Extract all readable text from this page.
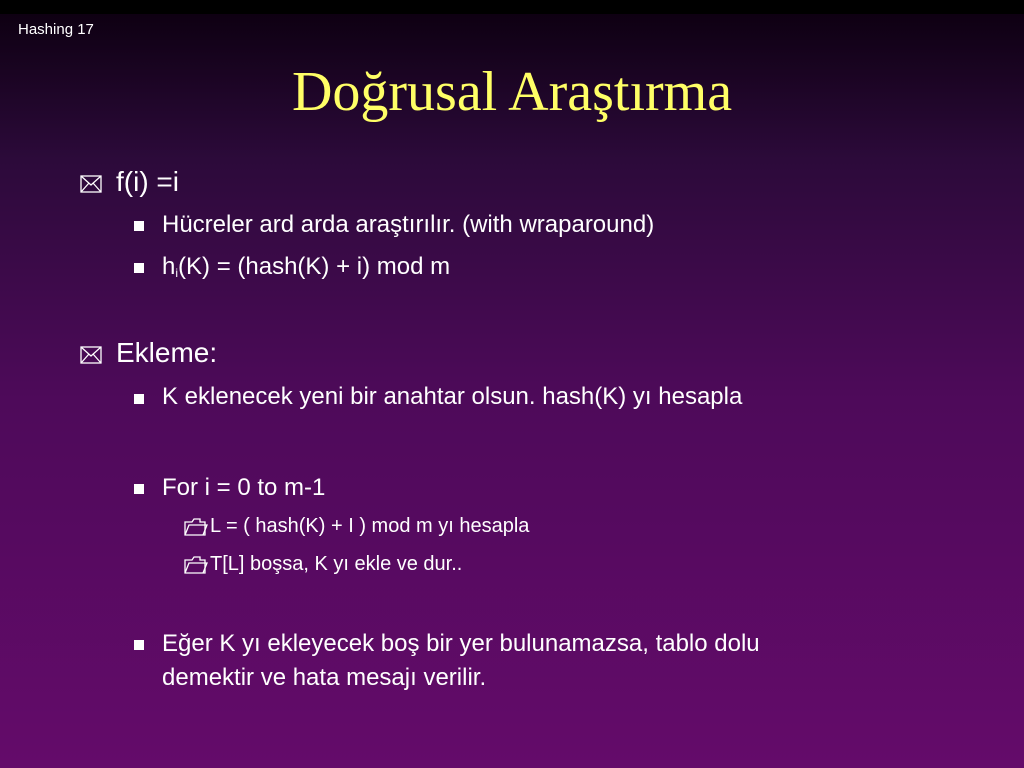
Hashing 17
Doğrusal Araştırma
f(i) =i
Hücreler ard arda araştırılır. (with wraparound)
$h_i(K)$ = (hash(K) + i) mod m
Ekleme:
K eklenecek yeni bir anahtar olsun. hash(K) yı hesapla
For i = 0 to m-1
L = ( hash(K) + I ) mod m yı hesapla
T[L] boşsa, K yı ekle ve dur..
Eğer K yı ekleyecek boş bir yer bulunamazsa, tablo dolu
demektir ve hata mesajı verilir.
